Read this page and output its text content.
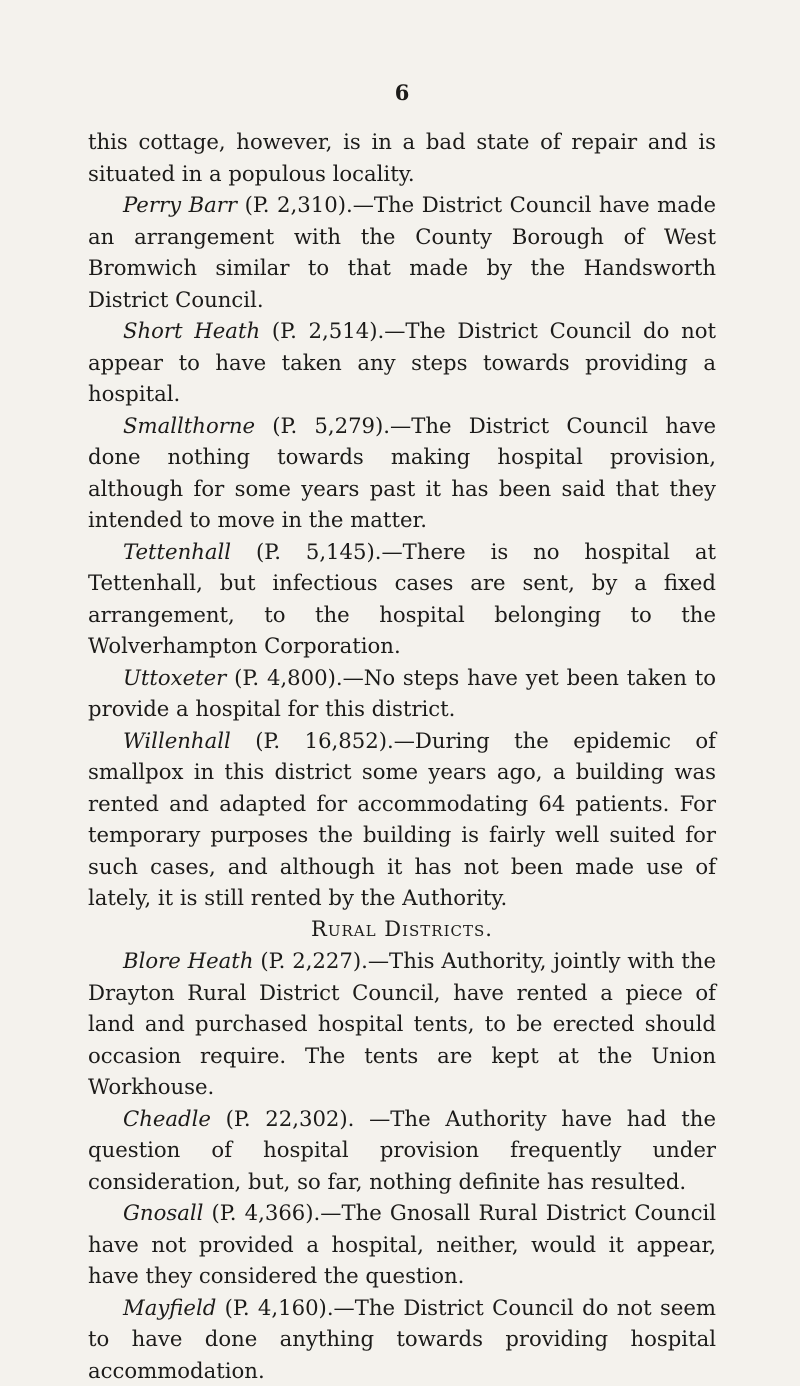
6

this cottage, however, is in a bad state of repair and is situated in a populous locality.

Perry Barr (P. 2,310).—The District Council have made an arrangement with the County Borough of West Bromwich similar to that made by the Handsworth District Council.

Short Heath (P. 2,514).—The District Council do not appear to have taken any steps towards providing a hospital.

Smallthorne (P. 5,279).—The District Council have done nothing towards making hospital provision, although for some years past it has been said that they intended to move in the matter.

Tettenhall (P. 5,145).—There is no hospital at Tettenhall, but infectious cases are sent, by a fixed arrangement, to the hospital belonging to the Wolverhampton Corporation.

Uttoxeter (P. 4,800).—No steps have yet been taken to provide a hospital for this district.

Willenhall (P. 16,852).—During the epidemic of smallpox in this district some years ago, a building was rented and adapted for accommodating 64 patients. For temporary purposes the building is fairly well suited for such cases, and although it has not been made use of lately, it is still rented by the Authority.

Rural Districts.

Blore Heath (P. 2,227).—This Authority, jointly with the Drayton Rural District Council, have rented a piece of land and purchased hospital tents, to be erected should occasion require. The tents are kept at the Union Workhouse.

Cheadle (P. 22,302). —The Authority have had the question of hospital provision frequently under consideration, but, so far, nothing definite has resulted.

Gnosall (P. 4,366).—The Gnosall Rural District Council have not provided a hospital, neither, would it appear, have they considered the question.

Mayfield (P. 4,160).—The District Council do not seem to have done anything towards providing hospital accommodation.
